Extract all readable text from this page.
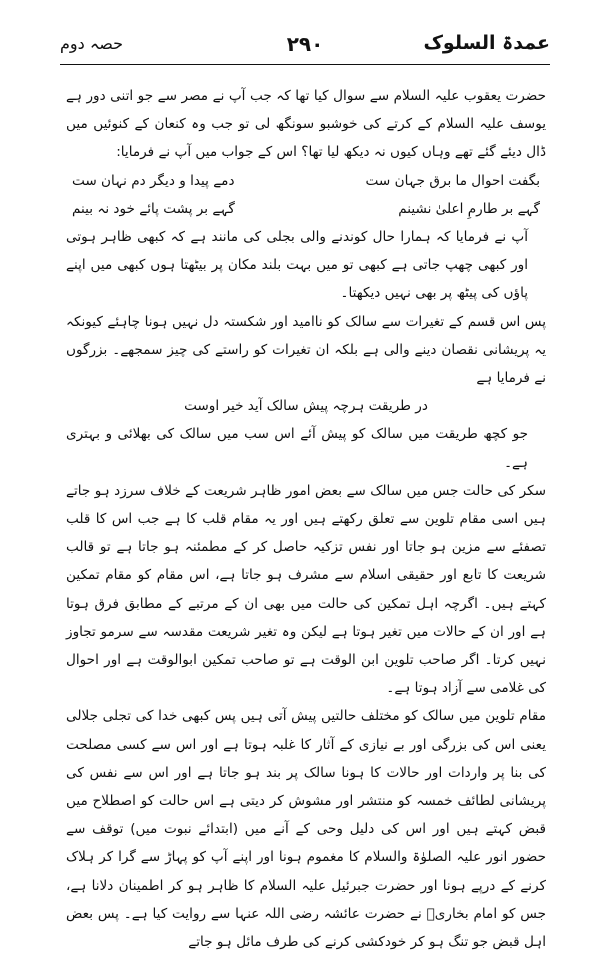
عمدۃ السلوک
۲۹۰
حصہ دوم

حضرت یعقوب علیہ السلام سے سوال کیا تھا کہ جب آپ نے مصر سے جو اتنی دور ہے یوسف علیہ السلام کے کرتے کی خوشبو سونگھ لی تو جب وہ کنعان کے کنوئیں میں ڈال دیئے گئے تھے وہاں کیوں نہ دیکھ لیا تھا؟ اس کے جواب میں آپ نے فرمایا:

بگفت احوال ما برق جہان ست
دمے پیدا و دیگر دم نہان ست
گہے بر طارمِ اعلیٰ نشینم
گہے بر پشت پائے خود نہ بینم

آپ نے فرمایا کہ ہمارا حال کوندنے والی بجلی کی مانند ہے کہ کبھی ظاہر ہوتی اور کبھی چھپ جاتی ہے کبھی تو میں بہت بلند مکان پر بیٹھتا ہوں کبھی میں اپنے پاؤں کی پیٹھ پر بھی نہیں دیکھتا۔

پس اس قسم کے تغیرات سے سالک کو ناامید اور شکستہ دل نہیں ہونا چاہئے کیونکہ یہ پریشانی نقصان دینے والی ہے بلکہ ان تغیرات کو راستے کی چیز سمجھے۔ بزرگوں نے فرمایا ہے

در طریقت ہرچہ پیش سالک آید خیر اوست

جو کچھ طریقت میں سالک کو پیش آئے اس سب میں سالک کی بھلائی و بہتری ہے۔

سکر کی حالت جس میں سالک سے بعض امور ظاہر شریعت کے خلاف سرزد ہو جاتے ہیں اسی مقام تلوین سے تعلق رکھتے ہیں اور یہ مقام قلب کا ہے جب اس کا قلب تصفئے سے مزین ہو جاتا اور نفس تزکیہ حاصل کر کے مطمئنہ ہو جاتا ہے تو قالب شریعت کا تابع اور حقیقی اسلام سے مشرف ہو جاتا ہے، اس مقام کو مقام تمکین کہتے ہیں۔ اگرچہ اہل تمکین کی حالت میں بھی ان کے مرتبے کے مطابق فرق ہوتا ہے اور ان کے حالات میں تغیر ہوتا ہے لیکن وہ تغیر شریعت مقدسہ سے سرمو تجاوز نہیں کرتا۔ اگر صاحب تلوین ابن الوقت ہے تو صاحب تمکین ابوالوقت ہے اور احوال کی غلامی سے آزاد ہوتا ہے۔

مقام تلوین میں سالک کو مختلف حالتیں پیش آتی ہیں پس کبھی خدا کی تجلی جلالی یعنی اس کی بزرگی اور بے نیازی کے آثار کا غلبہ ہوتا ہے اور اس سے کسی مصلحت کی بنا پر واردات اور حالات کا ہونا سالک پر بند ہو جاتا ہے اور اس سے نفس کی پریشانی لطائف خمسہ کو منتشر اور مشوش کر دیتی ہے اس حالت کو اصطلاح میں قبض کہتے ہیں اور اس کی دلیل وحی کے آنے میں (ابتدائے نبوت میں) توقف سے حضور انور علیہ الصلوٰۃ والسلام کا مغموم ہونا اور اپنے آپ کو پہاڑ سے گرا کر ہلاک کرنے کے درپے ہونا اور حضرت جبرئیل علیہ السلام کا ظاہر ہو کر اطمینان دلانا ہے، جس کو امام بخاریؒ نے حضرت عائشہ رضی اللہ عنہا سے روایت کیا ہے۔ پس بعض اہل قبض جو تنگ ہو کر خودکشی کرنے کی طرف مائل ہو جاتے
